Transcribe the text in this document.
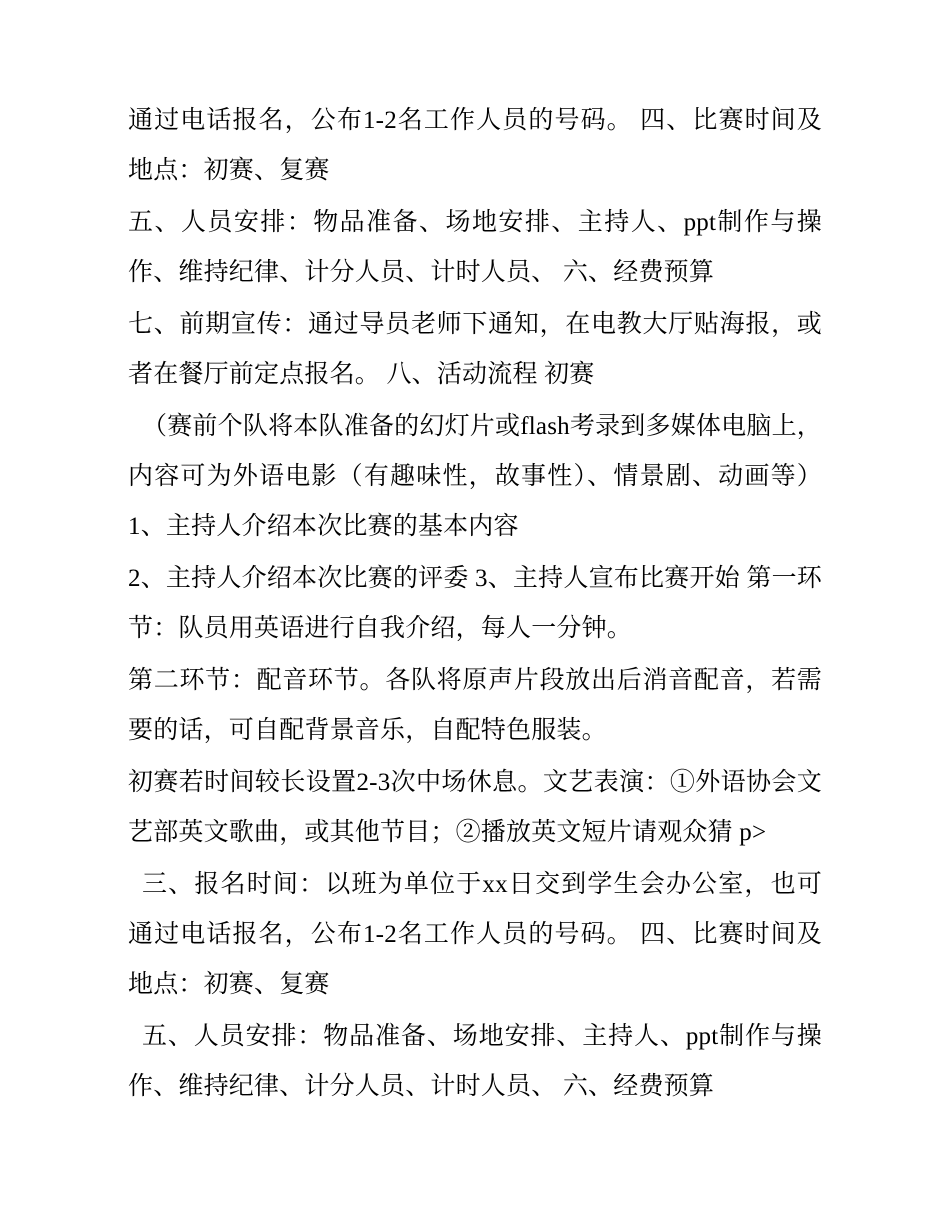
通过电话报名，公布1-2名工作人员的号码。 四、比赛时间及地点：初赛、复赛

五、人员安排：物品准备、场地安排、主持人、ppt制作与操作、维持纪律、计分人员、计时人员、 六、经费预算

七、前期宣传：通过导员老师下通知，在电教大厅贴海报，或者在餐厅前定点报名。 八、活动流程 初赛

（赛前个队将本队准备的幻灯片或flash考录到多媒体电脑上，内容可为外语电影（有趣味性，故事性）、情景剧、动画等） 1、主持人介绍本次比赛的基本内容

2、主持人介绍本次比赛的评委 3、主持人宣布比赛开始 第一环节：队员用英语进行自我介绍，每人一分钟。

第二环节：配音环节。各队将原声片段放出后消音配音，若需要的话，可自配背景音乐，自配特色服装。

初赛若时间较长设置2-3次中场休息。文艺表演：①外语协会文艺部英文歌曲，或其他节目；②播放英文短片请观众猜 p>

三、报名时间：以班为单位于xx日交到学生会办公室，也可通过电话报名，公布1-2名工作人员的号码。 四、比赛时间及地点：初赛、复赛

五、人员安排：物品准备、场地安排、主持人、ppt制作与操作、维持纪律、计分人员、计时人员、 六、经费预算
